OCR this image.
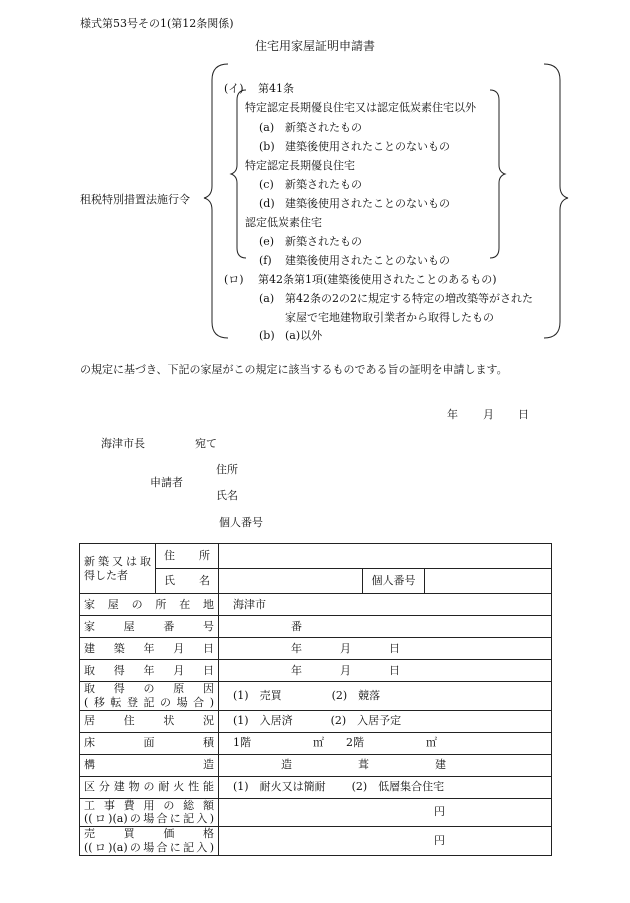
様式第53号その1(第12条関係)
住宅用家屋証明申請書
租税特別措置法施行令
(イ) 第41条
特定認定長期優良住宅又は認定低炭素住宅以外
(a) 新築されたもの
(b) 建築後使用されたことのないもの
特定認定長期優良住宅
(c) 新築されたもの
(d) 建築後使用されたことのないもの
認定低炭素住宅
(e) 新築されたもの
(f) 建築後使用されたことのないもの
(ロ) 第42条第1項(建築後使用されたことのあるもの)
(a) 第42条の2の2に規定する特定の増改築等がされた
家屋で宅地建物取引業者から取得したもの
(b) (a)以外
の規定に基づき、下記の家屋がこの規定に該当するものである旨の証明を申請します。
年 月 日
海津市長	宛て
住所
申請者
氏名
個人番号
新築又は取
得した者	住　所			
	氏　名		個人番号	
家屋の所在地		海津市		
家屋番号		番		
建築年月日		年 月 日		
取得年月日		年 月 日		

取得の原因
(移転登記の場合)		(1)　売買 (2)　競落		
居住状況		(1)　入居済 (2)　入居予定		
床面積		1階 ㎡ 2階 ㎡		
構造		造 葺 建		
区分建物の耐火性能		(1)　耐火又は簡耐 (2)　低層集合住宅		

工事費用の総額
((ロ)(a)の場合に記入)		円		

売買価格
((ロ)(a)の場合に記入)		円		
